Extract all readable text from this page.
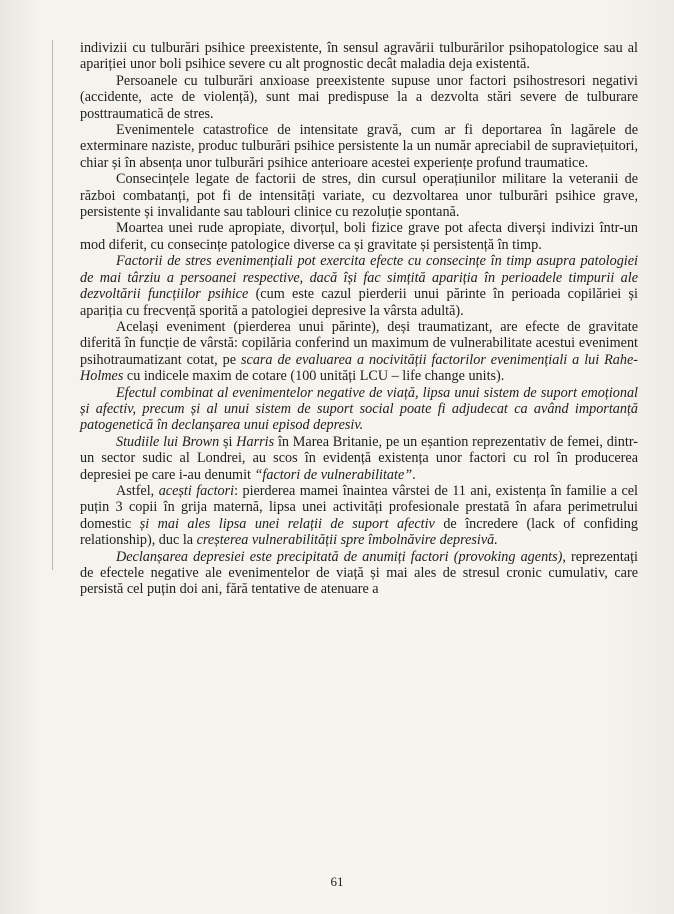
indivizii cu tulburări psihice preexistente, în sensul agravării tulburărilor psihopatologice sau al apariției unor boli psihice severe cu alt prognostic decât maladia deja existentă.

Persoanele cu tulburări anxioase preexistente supuse unor factori psihostresori negativi (accidente, acte de violență), sunt mai predispuse la a dezvolta stări severe de tulburare posttraumatică de stres.

Evenimentele catastrofice de intensitate gravă, cum ar fi deportarea în lagărele de exterminare naziste, produc tulburări psihice persistente la un număr apreciabil de supraviețuitori, chiar și în absența unor tulburări psihice anterioare acestei experiențe profund traumatice.

Consecințele legate de factorii de stres, din cursul operațiunilor militare la veteranii de război combatanți, pot fi de intensități variate, cu dezvoltarea unor tulburări psihice grave, persistente și invalidante sau tablouri clinice cu rezoluție spontană.

Moartea unei rude apropiate, divorțul, boli fizice grave pot afecta diverși indivizi într-un mod diferit, cu consecințe patologice diverse ca și gravitate și persistență în timp.

Factorii de stres evenimențiali pot exercita efecte cu consecințe în timp asupra patologiei de mai târziu a persoanei respective, dacă își fac simțită apariția în perioadele timpurii ale dezvoltării funcțiilor psihice (cum este cazul pierderii unui părinte în perioada copilăriei și apariția cu frecvență sporită a patologiei depresive la vârsta adultă).

Același eveniment (pierderea unui părinte), deși traumatizant, are efecte de gravitate diferită în funcție de vârstă: copilăria conferind un maximum de vulnerabilitate acestui eveniment psihotraumatizant cotat, pe scara de evaluarea a nocivității factorilor evenimențiali a lui Rahe-Holmes cu indicele maxim de cotare (100 unități LCU – life change units).

Efectul combinat al evenimentelor negative de viață, lipsa unui sistem de suport emoțional și afectiv, precum și al unui sistem de suport social poate fi adjudecat ca având importanță patogenetică în declanșarea unui episod depresiv.

Studiile lui Brown și Harris în Marea Britanie, pe un eșantion reprezentativ de femei, dintr-un sector sudic al Londrei, au scos în evidență existența unor factori cu rol în producerea depresiei pe care i-au denumit “factori de vulnerabilitate”.

Astfel, acești factori: pierderea mamei înaintea vârstei de 11 ani, existența în familie a cel puțin 3 copii în grija maternă, lipsa unei activități profesionale prestată în afara perimetrului domestic și mai ales lipsa unei relații de suport afectiv de încredere (lack of confiding relationship), duc la creșterea vulnerabilității spre îmbolnăvire depresivă.

Declanșarea depresiei este precipitată de anumiți factori (provoking agents), reprezentați de efectele negative ale evenimentelor de viață și mai ales de stresul cronic cumulativ, care persistă cel puțin doi ani, fără tentative de atenuare a

61
